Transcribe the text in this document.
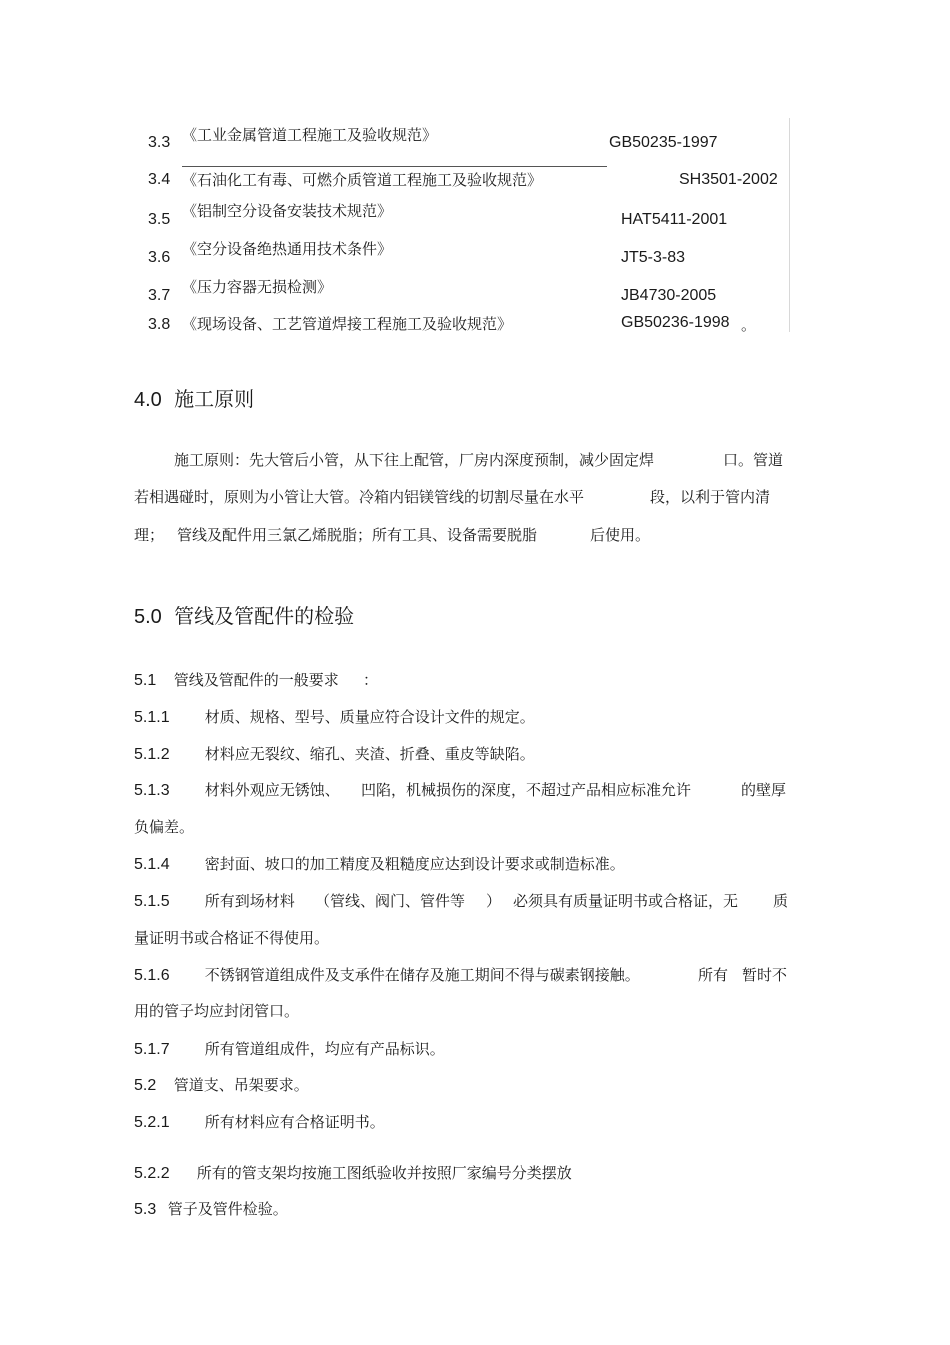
3.3 《工业金属管道工程施工及验收规范》	GB50235-1997
3.4 《石油化工有毒、可燃介质管道工程施工及验收规范》	SH3501-2002
3.5 《铝制空分设备安装技术规范》	HAT5411-2001
3.6 《空分设备绝热通用技术条件》	JT5-3-83
3.7 《压力容器无损检测》	JB4730-2005
3.8 《现场设备、工艺管道焊接工程施工及验收规范》	GB50236-1998 。
4.0 施工原则
施工原则：先大管后小管，从下往上配管，厂房内深度预制，减少固定焊	口。管道
若相遇碰时，原则为小管让大管。冷箱内铝镁管线的切割尽量在水平	段，以利于管内清
理； 管线及配件用三氯乙烯脱脂；所有工具、设备需要脱脂	后使用。
5.0 管线及管配件的检验
5.1 管线及管配件的一般要求 ：
5.1.1 材质、规格、型号、质量应符合设计文件的规定。
5.1.2 材料应无裂纹、缩孔、夹渣、折叠、重皮等缺陷。
5.1.3 材料外观应无锈蚀、 凹陷，机械损伤的深度，不超过产品相应标准允许	的壁厚
负偏差。
5.1.4 密封面、坡口的加工精度及粗糙度应达到设计要求或制造标准。
5.1.5 所有到场材料 （管线、阀门、管件等 ） 必须具有质量证明书或合格证，无 质
量证明书或合格证不得使用。
5.1.6 不锈钢管道组成件及支承件在储存及施工期间不得与碳素钢接触。	所有 暂时不
用的管子均应封闭管口。
5.1.7 所有管道组成件，均应有产品标识。
5.2 管道支、吊架要求。
5.2.1 所有材料应有合格证明书。
5.2.2 所有的管支架均按施工图纸验收并按照厂家编号分类摆放
5.3 管子及管件检验。
